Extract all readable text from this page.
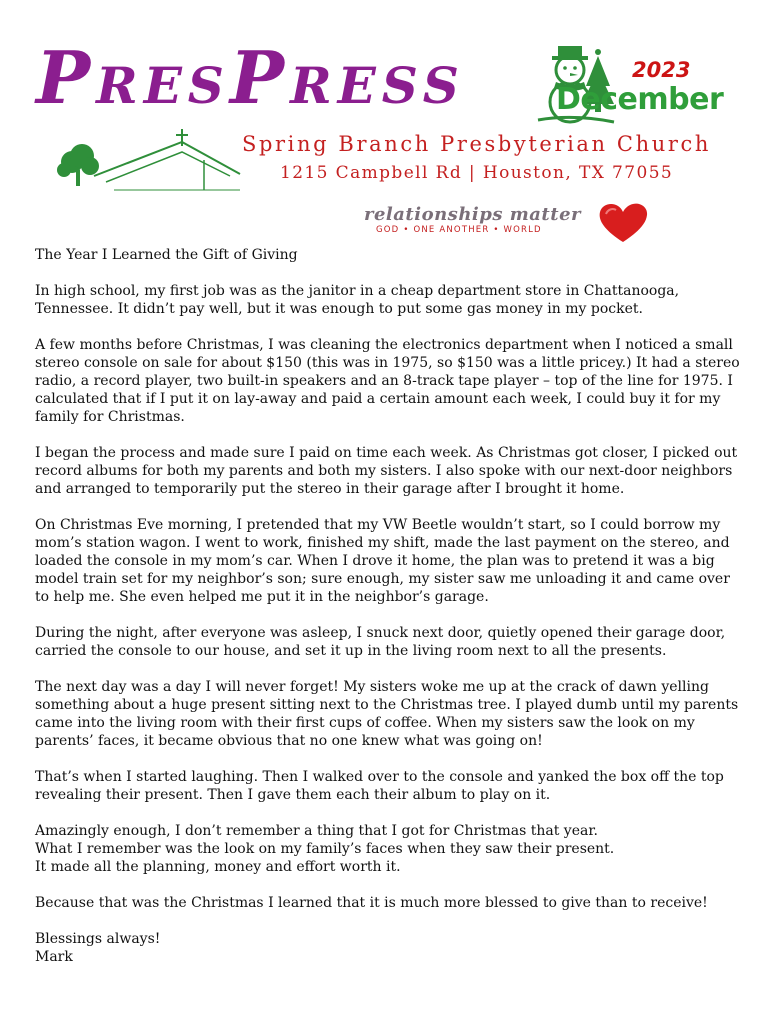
PRESPRESS	2023
December
Spring Branch Presbyterian Church
1215 Campbell Rd | Houston, TX 77055
relationships matter
GOD • ONE ANOTHER • WORLD
The Year I Learned the Gift of Giving

In high school, my first job was as the janitor in a cheap department store in Chattanooga, Tennessee. It didn’t pay well, but it was enough to put some gas money in my pocket.

A few months before Christmas, I was cleaning the electronics department when I noticed a small stereo console on sale for about $150 (this was in 1975, so $150 was a little pricey.) It had a stereo radio, a record player, two built-in speakers and an 8-track tape player – top of the line for 1975. I calculated that if I put it on lay-away and paid a certain amount each week, I could buy it for my family for Christmas.

I began the process and made sure I paid on time each week. As Christmas got closer, I picked out record albums for both my parents and both my sisters. I also spoke with our next-door neighbors and arranged to temporarily put the stereo in their garage after I brought it home.

On Christmas Eve morning, I pretended that my VW Beetle wouldn’t start, so I could borrow my mom’s station wagon. I went to work, finished my shift, made the last payment on the stereo, and loaded the console in my mom’s car. When I drove it home, the plan was to pretend it was a big model train set for my neighbor’s son; sure enough, my sister saw me unloading it and came over to help me. She even helped me put it in the neighbor’s garage.

During the night, after everyone was asleep, I snuck next door, quietly opened their garage door, carried the console to our house, and set it up in the living room next to all the presents.

The next day was a day I will never forget! My sisters woke me up at the crack of dawn yelling something about a huge present sitting next to the Christmas tree. I played dumb until my parents came into the living room with their first cups of coffee. When my sisters saw the look on my parents’ faces, it became obvious that no one knew what was going on!

That’s when I started laughing. Then I walked over to the console and yanked the box off the top revealing their present. Then I gave them each their album to play on it.

Amazingly enough, I don’t remember a thing that I got for Christmas that year.
What I remember was the look on my family’s faces when they saw their present.
It made all the planning, money and effort worth it.

Because that was the Christmas I learned that it is much more blessed to give than to receive!

Blessings always!
Mark
